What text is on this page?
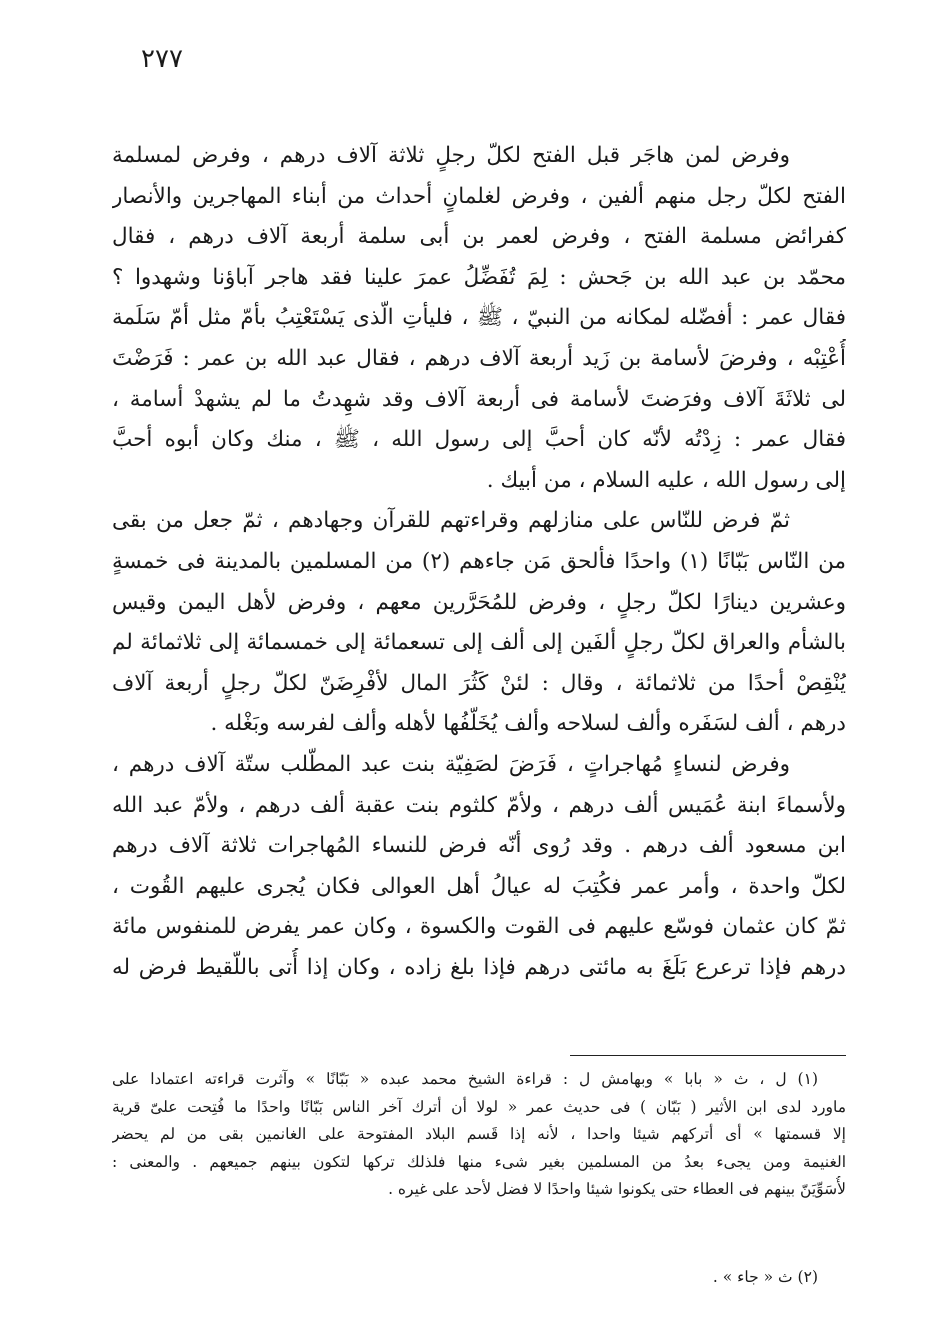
٢٧٧

وفرض لمن هاجَر قبل الفتح لكلّ رجلٍ ثلاثة آلاف درهم ، وفرض لمسلمة
الفتح لكلّ رجل منهم ألفين ، وفرض لغلمانٍ أحداث من أبناء المهاجرين والأنصار
كفرائض مسلمة الفتح ، وفرض لعمر بن أبى سلمة أربعة آلاف درهم ، فقال
محمّد بن عبد الله بن جَحش : لِمَ تُفَضِّلُ عمرَ علينا فقد هاجر آباؤنا وشهدوا ؟
فقال عمر : أفضّله لمكانه من النبيّ ، ﷺ ، فليأتِ الّذى يَسْتَعْتِبُ بأمّ مثل أمّ سَلَمة
أُعْتِبْه ، وفرضَ لأسامة بن زَيد أربعة آلاف درهم ، فقال عبد الله بن عمر : فَرَضْتَ
لى ثلاثَةَ آلاف وفرَضتَ لأسامة فى أربعة آلاف وقد شهِدتُ ما لم يشهدْ أسامة ،
فقال عمر : زِدْتُه لأنّه كان أحبَّ إلى رسول الله ، ﷺ ، منك وكان أبوه أحبَّ
إلى رسول الله ، عليه السلام ، من أبيك .

ثمّ فرض للنّاس على منازلهم وقراءتهم للقرآن وجهادهم ، ثمّ جعل من بقى
من النّاس بَبّانًا (١) واحدًا فألحق مَن جاءهم (٢) من المسلمين بالمدينة فى خمسةٍ
وعشرين دينارًا لكلّ رجلٍ ، وفرض للمُحَرَّرين معهم ، وفرض لأهل اليمن وقيس
بالشأم والعراق لكلّ رجلٍ ألفَين إلى ألف إلى تسعمائة إلى خمسمائة إلى ثلاثمائة لم
يُنْقِصْ أحدًا من ثلاثمائة ، وقال : لئنْ كَثُرَ المال لأفْرِضَنّ لكلّ رجلٍ أربعة آلاف
درهم ، ألف لسَفَره وألف لسلاحه وألف يُخَلّفُها لأهله وألف لفرسه وبَغْله .

وفرض لنساءٍ مُهاجراتٍ ، فَرَضَ لصَفِيّة بنت عبد المطّلب ستّة آلاف درهم ،
ولأسماءَ ابنة عُمَيس ألف درهم ، ولأمّ كلثوم بنت عقبة ألف درهم ، ولأمّ عبد الله
ابن مسعود ألف درهم . وقد رُوى أنّه فرض للنساء المُهاجرات ثلاثة آلاف درهم
لكلّ واحدة ، وأمر عمر فكُتِبَ له عيالُ أهل العوالى فكان يُجرى عليهم القُوت ،
ثمّ كان عثمان فوسّع عليهم فى القوت والكسوة ، وكان عمر يفرض للمنفوس مائة
درهم فإذا ترعرع بَلَغَ به مائتى درهم فإذا بلغ زاده ، وكان إذا أُتى باللّقيط فرض له

(١) ل ، ث « بابا » وبهامش ل : قراءة الشيخ محمد عبده « بَبّانًا » وآثرت قراءته اعتمادا على
ماورد لدى ابن الأثير ( بَبّان ) فى حديث عمر « لولا أن أترك آخر الناس بَبّانًا واحدًا ما فُتِحت علىّ قرية
إلا قسمتها » أى أتركهم شيئا واحدا ، لأنه إذا قَسم البلاد المفتوحة على الغانمين بقى من لم يحضر
الغنيمة ومن يجىء بعدُ من المسلمين بغير شىء منها فلذلك تركها لتكون بينهم جميعهم . والمعنى :
لأُسَوِّيَنّ بينهم فى العطاء حتى يكونوا شيئا واحدًا لا فضل لأحد على غيره .
(٢) ث « جاء » .
